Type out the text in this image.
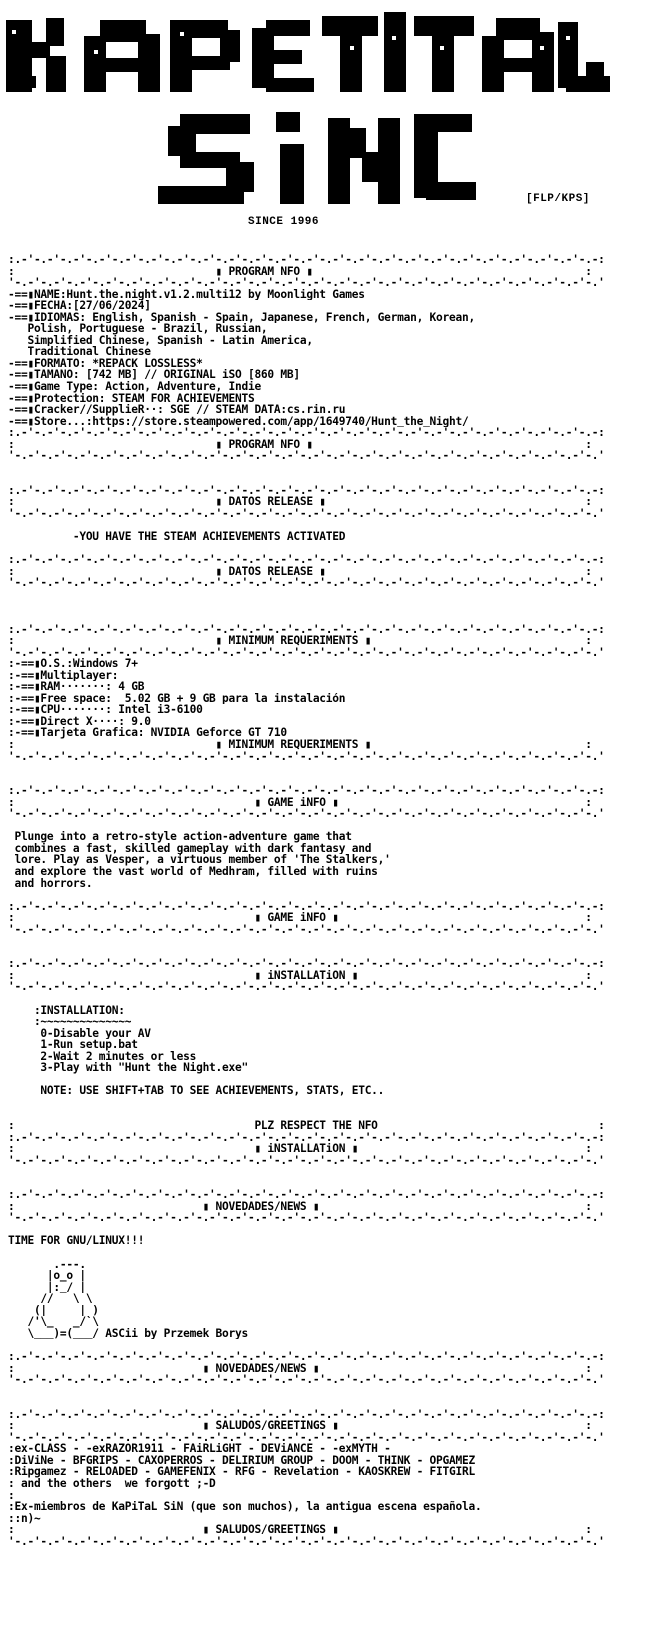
[FLP/KPS]
SINCE 1996
:.-'-.-'-.-'-.-'-.-'-.-'-.-'-.-'-.-'-.-'-.-'-.-'-.-'-.-'-.-'-.-'-.-'-.-'-.-'-.-'-.-'-.-'-.-:
:                               ▮ PROGRAM NFO ▮                                          :
'-.-'-.-'-.-'-.-'-.-'-.-'-.-'-.-'-.-'-.-'-.-'-.-'-.-'-.-'-.-'-.-'-.-'-.-'-.-'-.-'-.-'-.-'-.'
-==▮NAME:Hunt.the.night.v1.2.multi12 by Moonlight Games
-==▮FECHA:[27/06/2024]
-==▮IDIOMAS: English, Spanish - Spain, Japanese, French, German, Korean,
Polish, Portuguese - Brazil, Russian,
Simplified Chinese, Spanish - Latin America,
Traditional Chinese
-==▮FORMATO: *REPACK LOSSLESS*
-==▮TAMAÑO: [742 MB] // ORIGINAL iSO [860 MB]
-==▮Game Type: Action, Adventure, Indie
-==▮Protection: STEAM FOR ACHIEVEMENTS
-==▮Cracker//SupplieR··: SGE // STEAM DATA:cs.rin.ru
-==▮Store...:https://store.steampowered.com/app/1649740/Hunt_the_Night/
:.-'-.-'-.-'-.-'-.-'-.-'-.-'-.-'-.-'-.-'-.-'-.-'-.-'-.-'-.-'-.-'-.-'-.-'-.-'-.-'-.-'-.-'-.-:
:                               ▮ PROGRAM NFO ▮                                          :
'-.-'-.-'-.-'-.-'-.-'-.-'-.-'-.-'-.-'-.-'-.-'-.-'-.-'-.-'-.-'-.-'-.-'-.-'-.-'-.-'-.-'-.-'-.'

:.-'-.-'-.-'-.-'-.-'-.-'-.-'-.-'-.-'-.-'-.-'-.-'-.-'-.-'-.-'-.-'-.-'-.-'-.-'-.-'-.-'-.-'-.-:
:                               ▮ DATOS RELEASE ▮                                        :
'-.-'-.-'-.-'-.-'-.-'-.-'-.-'-.-'-.-'-.-'-.-'-.-'-.-'-.-'-.-'-.-'-.-'-.-'-.-'-.-'-.-'-.-'-.'

-YOU HAVE THE STEAM ACHIEVEMENTS ACTIVATED

:.-'-.-'-.-'-.-'-.-'-.-'-.-'-.-'-.-'-.-'-.-'-.-'-.-'-.-'-.-'-.-'-.-'-.-'-.-'-.-'-.-'-.-'-.-:
:                               ▮ DATOS RELEASE ▮                                        :
'-.-'-.-'-.-'-.-'-.-'-.-'-.-'-.-'-.-'-.-'-.-'-.-'-.-'-.-'-.-'-.-'-.-'-.-'-.-'-.-'-.-'-.-'-.'

:.-'-.-'-.-'-.-'-.-'-.-'-.-'-.-'-.-'-.-'-.-'-.-'-.-'-.-'-.-'-.-'-.-'-.-'-.-'-.-'-.-'-.-'-.-:
:                               ▮ MINIMUM REQUERIMENTS ▮                                 :
'-.-'-.-'-.-'-.-'-.-'-.-'-.-'-.-'-.-'-.-'-.-'-.-'-.-'-.-'-.-'-.-'-.-'-.-'-.-'-.-'-.-'-.-'-.'
:-==▮O.S.:Windows 7+
:-==▮Multiplayer:
:-==▮RAM·······: 4 GB
:-==▮Free space:  5.02 GB + 9 GB para la instalación
:-==▮CPU·······: Intel i3-6100
:-==▮Direct X····: 9.0
:-==▮Tarjeta Grafica: NVIDIA Geforce GT 710
:                               ▮ MINIMUM REQUERIMENTS ▮                                 :
'-.-'-.-'-.-'-.-'-.-'-.-'-.-'-.-'-.-'-.-'-.-'-.-'-.-'-.-'-.-'-.-'-.-'-.-'-.-'-.-'-.-'-.-'-.'

:.-'-.-'-.-'-.-'-.-'-.-'-.-'-.-'-.-'-.-'-.-'-.-'-.-'-.-'-.-'-.-'-.-'-.-'-.-'-.-'-.-'-.-'-.-:
:                                     ▮ GAME iNFO ▮                                      :
'-.-'-.-'-.-'-.-'-.-'-.-'-.-'-.-'-.-'-.-'-.-'-.-'-.-'-.-'-.-'-.-'-.-'-.-'-.-'-.-'-.-'-.-'-.'

Plunge into a retro-style action-adventure game that
combines a fast, skilled gameplay with dark fantasy and
lore. Play as Vesper, a virtuous member of 'The Stalkers,'
and explore the vast world of Medhram, filled with ruins
and horrors.

:.-'-.-'-.-'-.-'-.-'-.-'-.-'-.-'-.-'-.-'-.-'-.-'-.-'-.-'-.-'-.-'-.-'-.-'-.-'-.-'-.-'-.-'-.-:
:                                     ▮ GAME iNFO ▮                                      :
'-.-'-.-'-.-'-.-'-.-'-.-'-.-'-.-'-.-'-.-'-.-'-.-'-.-'-.-'-.-'-.-'-.-'-.-'-.-'-.-'-.-'-.-'-.'

:.-'-.-'-.-'-.-'-.-'-.-'-.-'-.-'-.-'-.-'-.-'-.-'-.-'-.-'-.-'-.-'-.-'-.-'-.-'-.-'-.-'-.-'-.-:
:                                     ▮ iNSTALLATiON ▮                                   :
'-.-'-.-'-.-'-.-'-.-'-.-'-.-'-.-'-.-'-.-'-.-'-.-'-.-'-.-'-.-'-.-'-.-'-.-'-.-'-.-'-.-'-.-'-.'

:INSTALLATION:
:~~~~~~~~~~~~~~
0-Disable your AV
1-Run setup.bat
2-Wait 2 minutes or less
3-Play with "Hunt the Night.exe"

NOTE: USE SHIFT+TAB TO SEE ACHIEVEMENTS, STATS, ETC..

:                                     PLZ RESPECT THE NFO                                  :
:.-'-.-'-.-'-.-'-.-'-.-'-.-'-.-'-.-'-.-'-.-'-.-'-.-'-.-'-.-'-.-'-.-'-.-'-.-'-.-'-.-'-.-'-.-:
:                                     ▮ iNSTALLATiON ▮                                   :
'-.-'-.-'-.-'-.-'-.-'-.-'-.-'-.-'-.-'-.-'-.-'-.-'-.-'-.-'-.-'-.-'-.-'-.-'-.-'-.-'-.-'-.-'-.'

:.-'-.-'-.-'-.-'-.-'-.-'-.-'-.-'-.-'-.-'-.-'-.-'-.-'-.-'-.-'-.-'-.-'-.-'-.-'-.-'-.-'-.-'-.-:
:                             ▮ NOVEDADES/NEWS ▮                                         :
'-.-'-.-'-.-'-.-'-.-'-.-'-.-'-.-'-.-'-.-'-.-'-.-'-.-'-.-'-.-'-.-'-.-'-.-'-.-'-.-'-.-'-.-'-.'

TIME FOR GNU/LINUX!!!

.---.
|o_o |
|:_/ |
//   \ \
(|     | )
/'\_   _/`\
\___)=(___/ ASCii by Przemek Borys

:.-'-.-'-.-'-.-'-.-'-.-'-.-'-.-'-.-'-.-'-.-'-.-'-.-'-.-'-.-'-.-'-.-'-.-'-.-'-.-'-.-'-.-'-.-:
:                             ▮ NOVEDADES/NEWS ▮                                         :
'-.-'-.-'-.-'-.-'-.-'-.-'-.-'-.-'-.-'-.-'-.-'-.-'-.-'-.-'-.-'-.-'-.-'-.-'-.-'-.-'-.-'-.-'-.'

:.-'-.-'-.-'-.-'-.-'-.-'-.-'-.-'-.-'-.-'-.-'-.-'-.-'-.-'-.-'-.-'-.-'-.-'-.-'-.-'-.-'-.-'-.-:
:                             ▮ SALUDOS/GREETINGS ▮                                      :
'-.-'-.-'-.-'-.-'-.-'-.-'-.-'-.-'-.-'-.-'-.-'-.-'-.-'-.-'-.-'-.-'-.-'-.-'-.-'-.-'-.-'-.-'-.'
:ex-CLASS - -exRAZOR1911 - FAiRLiGHT - DEViANCE - -exMYTH -
:DiViNe - BFGRIPS - CAXOPERROS - DELIRIUM GROUP - DOOM - THINK - OPGAMEZ
:Ripgamez - RELOADED - GAMEFENIX - RFG - Revelation - KAOSKREW - FITGIRL
: and the others  we forgott ;-D
:
:Ex-miembros de KaPiTaL SiN (que son muchos), la antigua escena española.
::n)~
:                             ▮ SALUDOS/GREETINGS ▮                                      :
'-.-'-.-'-.-'-.-'-.-'-.-'-.-'-.-'-.-'-.-'-.-'-.-'-.-'-.-'-.-'-.-'-.-'-.-'-.-'-.-'-.-'-.-'-.'
